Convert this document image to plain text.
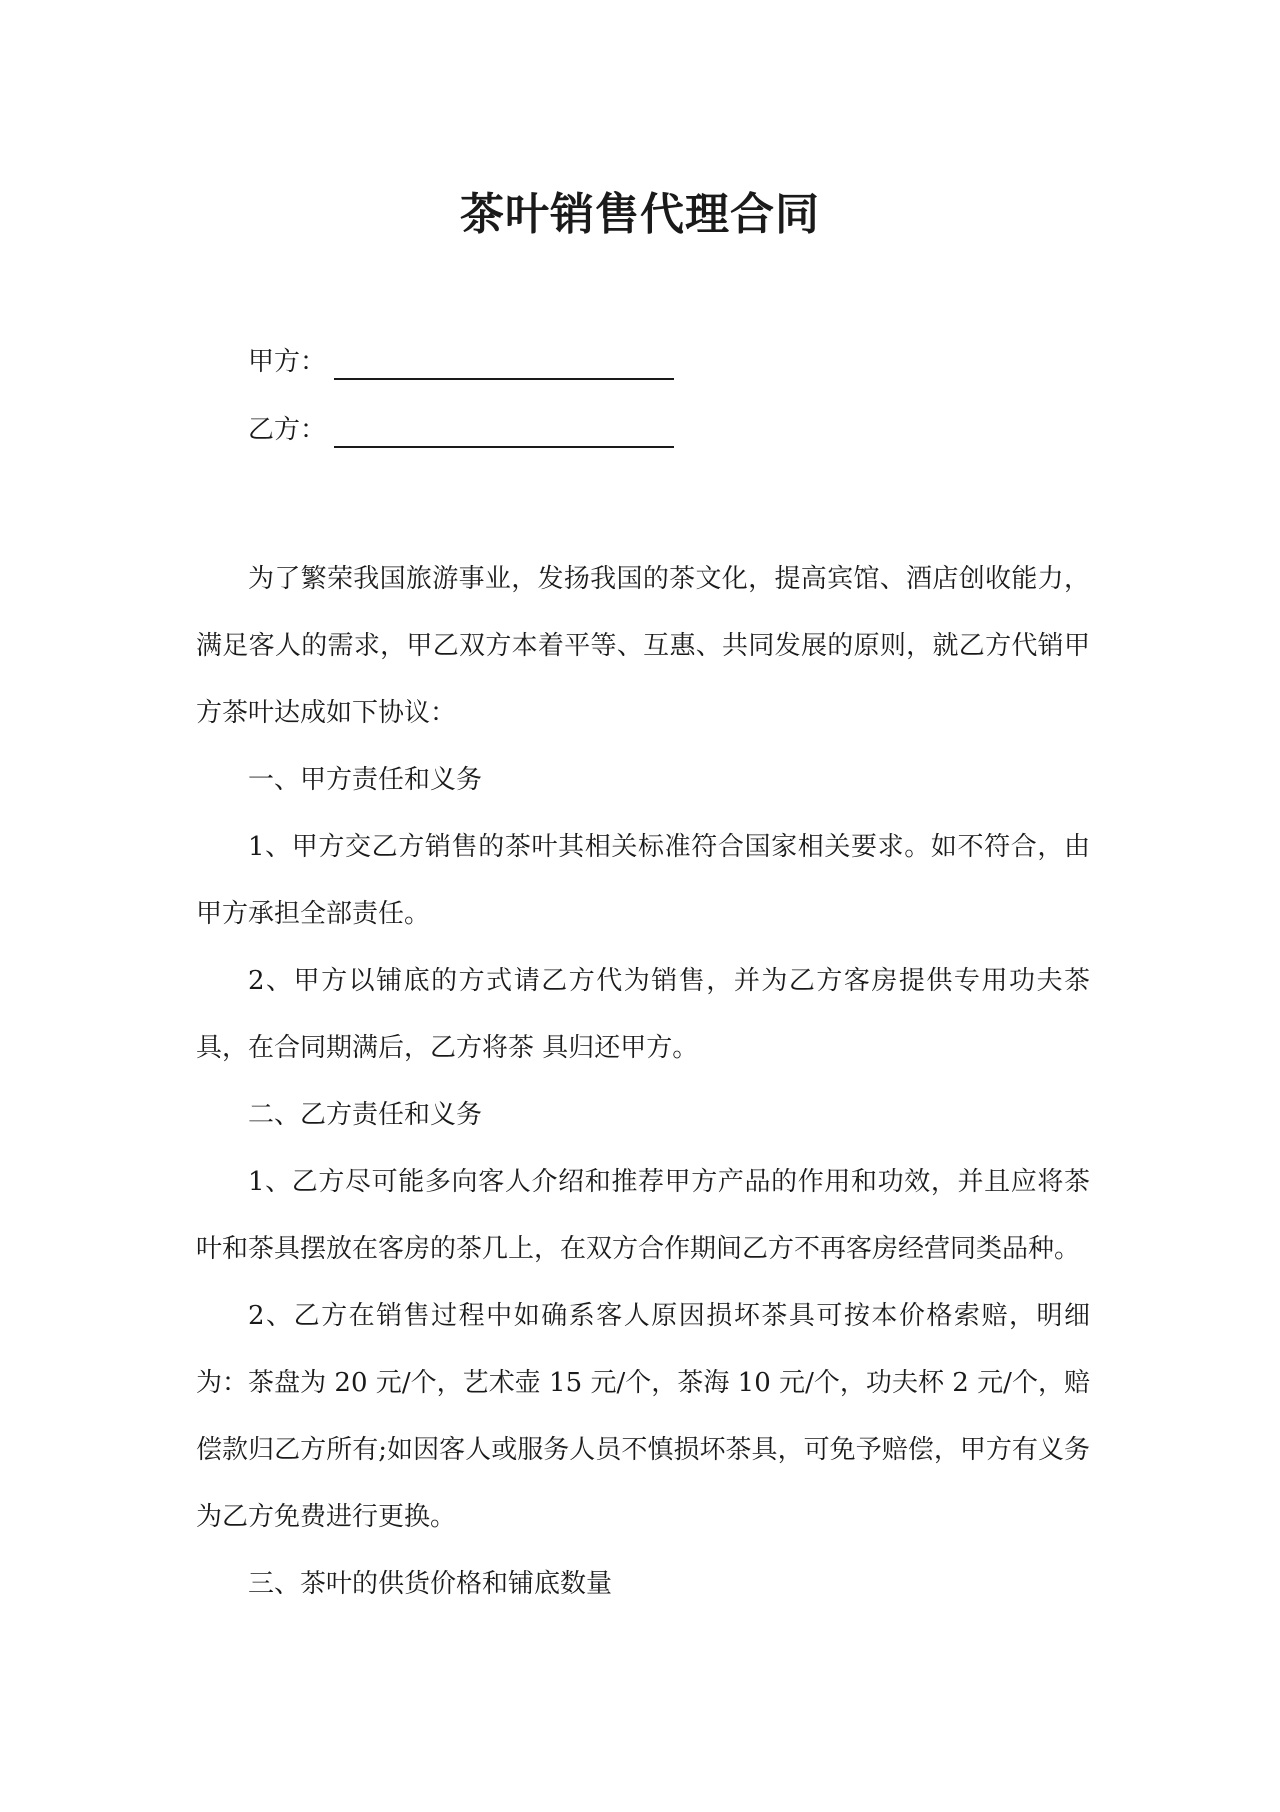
茶叶销售代理合同
甲方：
乙方：

为了繁荣我国旅游事业，发扬我国的茶文化，提高宾馆、酒店创收能力，满足客人的需求，甲乙双方本着平等、互惠、共同发展的原则，就乙方代销甲方茶叶达成如下协议：

一、甲方责任和义务

1、甲方交乙方销售的茶叶其相关标准符合国家相关要求。如不符合，由甲方承担全部责任。

2、甲方以铺底的方式请乙方代为销售，并为乙方客房提供专用功夫茶具，在合同期满后，乙方将茶 具归还甲方。

二、乙方责任和义务

1、乙方尽可能多向客人介绍和推荐甲方产品的作用和功效，并且应将茶叶和茶具摆放在客房的茶几上，在双方合作期间乙方不再客房经营同类品种。

2、乙方在销售过程中如确系客人原因损坏茶具可按本价格索赔，明细为：茶盘为 20 元/个，艺术壶 15 元/个，茶海 10 元/个，功夫杯 2 元/个，赔偿款归乙方所有;如因客人或服务人员不慎损坏茶具，可免予赔偿，甲方有义务为乙方免费进行更换。

三、茶叶的供货价格和铺底数量
